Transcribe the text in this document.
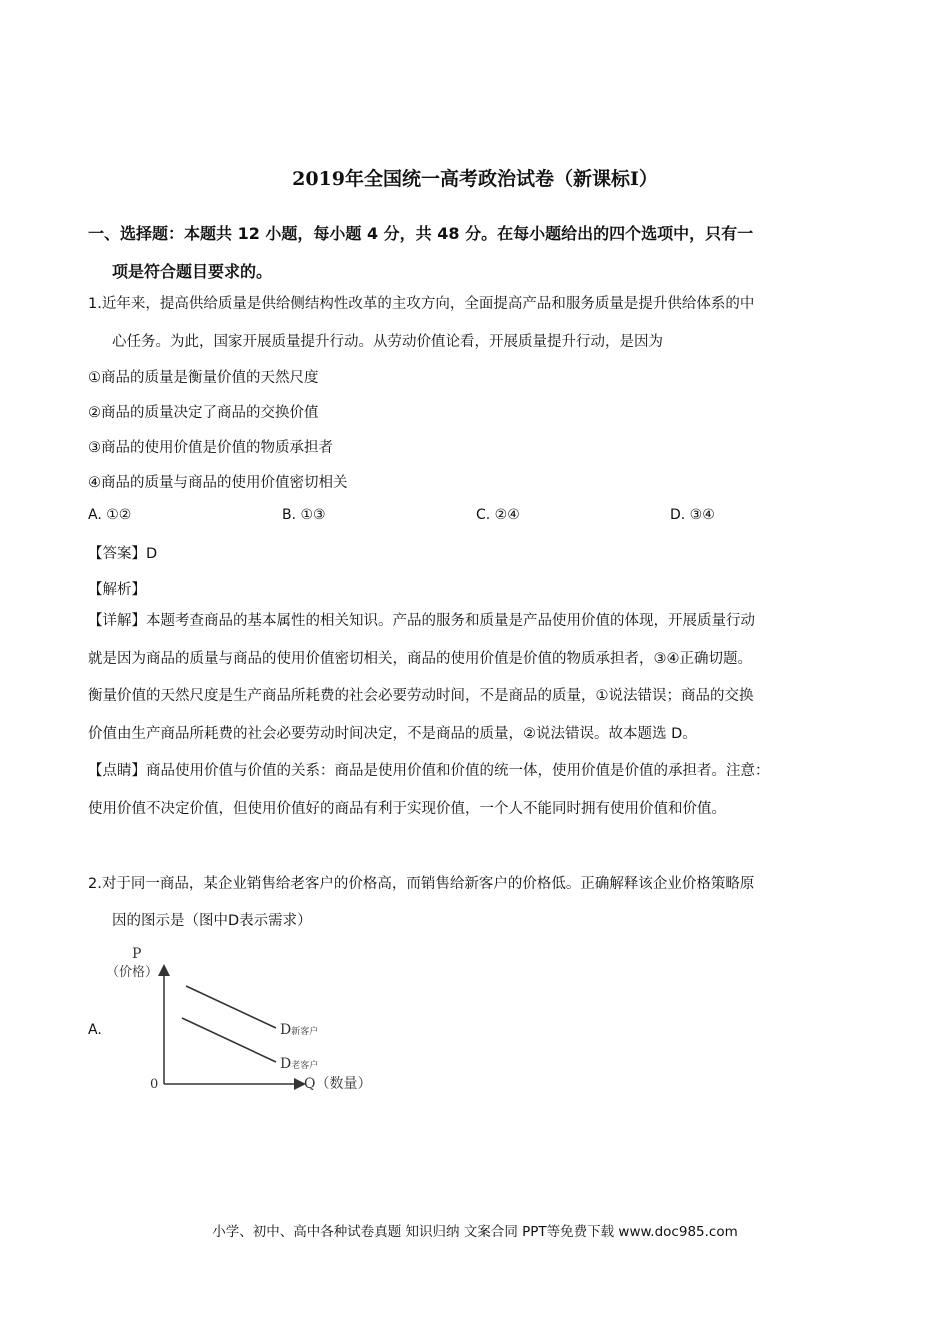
2019年全国统一高考政治试卷（新课标I）
一、选择题：本题共 12 小题，每小题 4 分，共 48 分。在每小题给出的四个选项中，只有一
项是符合题目要求的。
1.近年来，提高供给质量是供给侧结构性改革的主攻方向，全面提高产品和服务质量是提升供给体系的中
心任务。为此，国家开展质量提升行动。从劳动价值论看，开展质量提升行动，是因为
①商品的质量是衡量价值的天然尺度
②商品的质量决定了商品的交换价值
③商品的使用价值是价值的物质承担者
④商品的质量与商品的使用价值密切相关
A. ①②	B. ①③	C. ②④	D. ③④
【答案】D
【解析】
【详解】本题考查商品的基本属性的相关知识。产品的服务和质量是产品使用价值的体现，开展质量行动
就是因为商品的质量与商品的使用价值密切相关，商品的使用价值是价值的物质承担者，③④正确切题。
衡量价值的天然尺度是生产商品所耗费的社会必要劳动时间，不是商品的质量，①说法错误；商品的交换
价值由生产商品所耗费的社会必要劳动时间决定，不是商品的质量，②说法错误。故本题选 D。
【点睛】商品使用价值与价值的关系：商品是使用价值和价值的统一体，使用价值是价值的承担者。注意：
使用价值不决定价值，但使用价值好的商品有利于实现价值，一个人不能同时拥有使用价值和价值。
2.对于同一商品，某企业销售给老客户的价格高，而销售给新客户的价格低。正确解释该企业价格策略原
因的图示是（图中D表示需求）
A.
P
（价格）
0	Q（数量）
D新客户
D老客户
小学、初中、高中各种试卷真题 知识归纳 文案合同 PPT等免费下载 www.doc985.com
